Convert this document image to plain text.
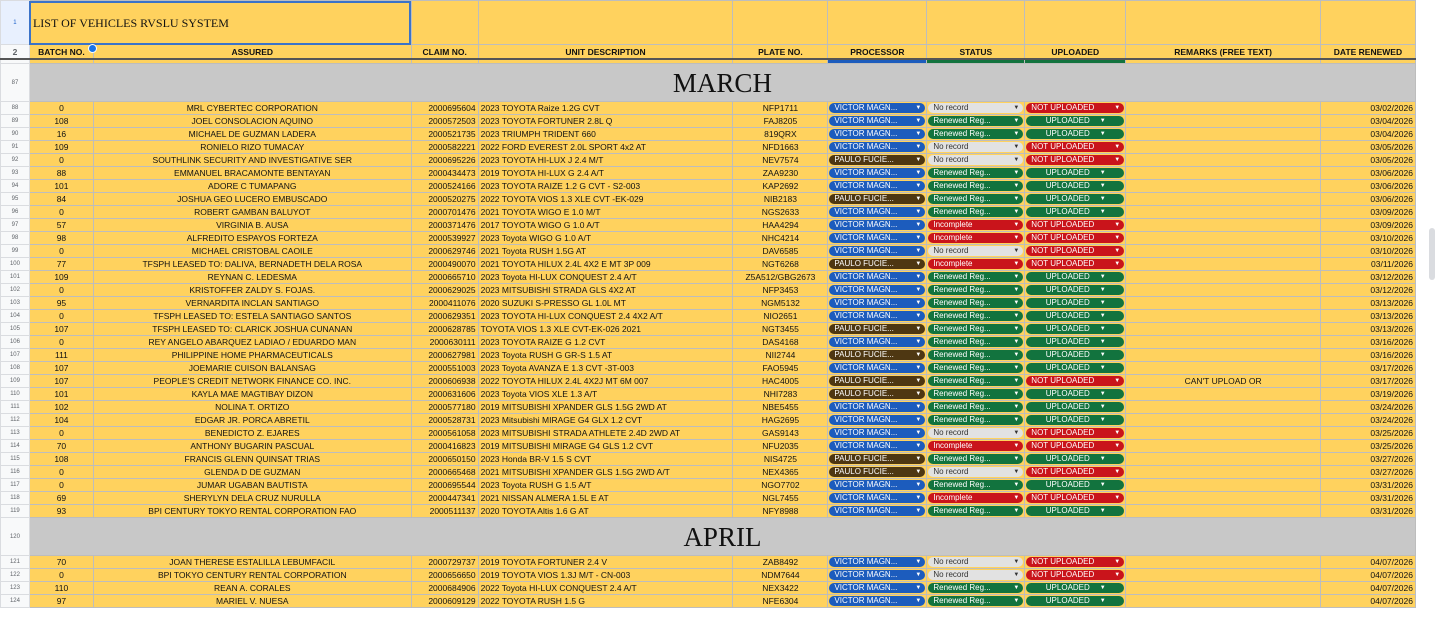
1	LIST OF VEHICLES RVSLU SYSTEM										
2	BATCH NO.	ASSURED	CLAIM NO.	UNIT DESCRIPTION	PLATE NO.	PROCESSOR	STATUS	UPLOADED	REMARKS (FREE TEXT)	DATE RENEWED	

87	MARCH										
88	0	MRL CYBERTEC CORPORATION	2000695604	2023 TOYOTA Raize 1.2G CVT	NFP1711	VICTOR MAGN... ▼	No record ▼	NOT UPLOADED ▼		03/02/2026	
89	108	JOEL CONSOLACION AQUINO	2000572503	2023 TOYOTA FORTUNER 2.8L Q	FAJ8205	VICTOR MAGN... ▼	Renewed Reg... ▼	UPLOADED ▼		03/04/2026	
90	16	MICHAEL DE GUZMAN LADERA	2000521735	2023 TRIUMPH TRIDENT 660	819QRX	VICTOR MAGN... ▼	Renewed Reg... ▼	UPLOADED ▼		03/04/2026	
91	109	RONIELO RIZO TUMACAY	2000582221	2022 FORD EVEREST 2.0L SPORT 4x2 AT	NFD1663	VICTOR MAGN... ▼	No record ▼	NOT UPLOADED ▼		03/05/2026	
92	0	SOUTHLINK SECURITY AND INVESTIGATIVE SER	2000695226	2023 TOYOTA HI-LUX J 2.4 M/T	NEV7574	PAULO FUCIE... ▼	No record ▼	NOT UPLOADED ▼		03/05/2026	
93	88	EMMANUEL BRACAMONTE BENTAYAN	2000434473	2019 TOYOTA HI-LUX G 2.4 A/T	ZAA9230	VICTOR MAGN... ▼	Renewed Reg... ▼	UPLOADED ▼		03/06/2026	
94	101	ADORE C TUMAPANG	2000524166	2023 TOYOTA RAIZE 1.2 G CVT - S2-003	KAP2692	VICTOR MAGN... ▼	Renewed Reg... ▼	UPLOADED ▼		03/06/2026	
95	84	JOSHUA GEO LUCERO EMBUSCADO	2000520275	2022 TOYOTA VIOS 1.3 XLE CVT -EK-029	NIB2183	PAULO FUCIE... ▼	Renewed Reg... ▼	UPLOADED ▼		03/06/2026	
96	0	ROBERT GAMBAN BALUYOT	2000701476	2021 TOYOTA WIGO E 1.0 M/T	NGS2633	VICTOR MAGN... ▼	Renewed Reg... ▼	UPLOADED ▼		03/09/2026	
97	57	VIRGINIA B. AUSA	2000371476	2017 TOYOTA WIGO G 1.0 A/T	HAA4294	VICTOR MAGN... ▼	Incomplete ▼	NOT UPLOADED ▼		03/09/2026	
98	98	ALFREDITO ESPAYOS FORTEZA	2000539927	2023 Toyota WIGO G 1.0 A/T	NHC4214	VICTOR MAGN... ▼	Incomplete ▼	NOT UPLOADED ▼		03/10/2026	
99	0	MICHAEL CRISTOBAL CAOILE	2000629746	2021 Toyota RUSH 1.5G AT	DAV6585	VICTOR MAGN... ▼	No record ▼	NOT UPLOADED ▼		03/10/2026	
100	77	TFSPH LEASED TO: DALIVA, BERNADETH DELA ROSA	2000490070	2021 TOYOTA HILUX 2.4L 4X2 E MT 3P 009	NGT6268	PAULO FUCIE... ▼	Incomplete ▼	NOT UPLOADED ▼		03/11/2026	
101	109	REYNAN C. LEDESMA	2000665710	2023 Toyota HI-LUX CONQUEST 2.4 A/T	Z5A512/GBG2673	VICTOR MAGN... ▼	Renewed Reg... ▼	UPLOADED ▼		03/12/2026	
102	0	KRISTOFFER ZALDY S. FOJAS.	2000629025	2023 MITSUBISHI STRADA GLS 4X2 AT	NFP3453	VICTOR MAGN... ▼	Renewed Reg... ▼	UPLOADED ▼		03/12/2026	
103	95	VERNARDITA INCLAN SANTIAGO	2000411076	2020 SUZUKI S-PRESSO GL 1.0L MT	NGM5132	VICTOR MAGN... ▼	Renewed Reg... ▼	UPLOADED ▼		03/13/2026	
104	0	TFSPH LEASED TO: ESTELA SANTIAGO SANTOS	2000629351	2023 TOYOTA HI-LUX CONQUEST 2.4 4X2 A/T	NIO2651	VICTOR MAGN... ▼	Renewed Reg... ▼	UPLOADED ▼		03/13/2026	
105	107	TFSPH LEASED TO: CLARICK JOSHUA CUNANAN	2000628785	TOYOTA VIOS 1.3 XLE CVT-EK-026 2021	NGT3455	PAULO FUCIE... ▼	Renewed Reg... ▼	UPLOADED ▼		03/13/2026	
106	0	REY ANGELO ABARQUEZ LADIAO / EDUARDO MAN	2000630111	2023 TOYOTA RAIZE G 1.2 CVT	DAS4168	VICTOR MAGN... ▼	Renewed Reg... ▼	UPLOADED ▼		03/16/2026	
107	111	PHILIPPINE HOME PHARMACEUTICALS	2000627981	2023 Toyota RUSH G GR-S 1.5 AT	NII2744	PAULO FUCIE... ▼	Renewed Reg... ▼	UPLOADED ▼		03/16/2026	
108	107	JOEMARIE CUISON BALANSAG	2000551003	2023 Toyota AVANZA E 1.3 CVT -3T-003	FAO5945	VICTOR MAGN... ▼	Renewed Reg... ▼	UPLOADED ▼		03/17/2026	
109	107	PEOPLE'S CREDIT NETWORK FINANCE CO. INC.	2000606938	2022 TOYOTA HILUX 2.4L 4X2J MT 6M 007	HAC4005	PAULO FUCIE... ▼	Renewed Reg... ▼	NOT UPLOADED ▼	CAN'T UPLOAD OR	03/17/2026	
110	101	KAYLA MAE MAGTIBAY DIZON	2000631606	2023 Toyota VIOS XLE 1.3 A/T	NHI7283	PAULO FUCIE... ▼	Renewed Reg... ▼	UPLOADED ▼		03/19/2026	
111	102	NOLINA T. ORTIZO	2000577180	2019 MITSUBISHI XPANDER GLS 1.5G 2WD AT	NBE5455	VICTOR MAGN... ▼	Renewed Reg... ▼	UPLOADED ▼		03/24/2026	
112	104	EDGAR JR. PORCA ABRETIL	2000528731	2023 Mitsubishi MIRAGE G4 GLX 1.2 CVT	HAG2695	VICTOR MAGN... ▼	Renewed Reg... ▼	UPLOADED ▼		03/24/2026	
113	0	BENEDICTO Z. EJARES	2000561058	2023 MITSUBISHI STRADA ATHLETE 2.4D 2WD AT	GAS9143	VICTOR MAGN... ▼	No record ▼	NOT UPLOADED ▼		03/25/2026	
114	70	ANTHONY BUGARIN PASCUAL	2000416823	2019 MITSUBISHI MIRAGE G4 GLS 1.2 CVT	NFU2035	VICTOR MAGN... ▼	Incomplete ▼	NOT UPLOADED ▼		03/25/2026	
115	108	FRANCIS GLENN QUINSAT TRIAS	2000650150	2023 Honda BR-V 1.5 S CVT	NIS4725	PAULO FUCIE... ▼	Renewed Reg... ▼	UPLOADED ▼		03/27/2026	
116	0	GLENDA D DE GUZMAN	2000665468	2021 MITSUBISHI XPANDER GLS 1.5G 2WD A/T	NEX4365	PAULO FUCIE... ▼	No record ▼	NOT UPLOADED ▼		03/27/2026	
117	0	JUMAR UGABAN BAUTISTA	2000695544	2023 Toyota RUSH G 1.5 A/T	NGO7702	VICTOR MAGN... ▼	Renewed Reg... ▼	UPLOADED ▼		03/31/2026	
118	69	SHERYLYN DELA CRUZ NURULLA	2000447341	2021 NISSAN ALMERA 1.5L E AT	NGL7455	VICTOR MAGN... ▼	Incomplete ▼	NOT UPLOADED ▼		03/31/2026	
119	93	BPI CENTURY TOKYO RENTAL CORPORATION FAO	2000511137	2020 TOYOTA Altis 1.6 G AT	NFY8988	VICTOR MAGN... ▼	Renewed Reg... ▼	UPLOADED ▼		03/31/2026	
120	APRIL										
121	70	JOAN THERESE ESTALILLA LEBUMFACIL	2000729737	2019 TOYOTA FORTUNER 2.4 V	ZAB8492	VICTOR MAGN... ▼	No record ▼	NOT UPLOADED ▼		04/07/2026	
122	0	BPI TOKYO CENTURY RENTAL CORPORATION	2000656650	2019 TOYOTA VIOS 1.3J M/T - CN-003	NDM7644	VICTOR MAGN... ▼	No record ▼	NOT UPLOADED ▼		04/07/2026	
123	110	REAN A. CORALES	2000684906	2022 Toyota HI-LUX CONQUEST 2.4 A/T	NEX3422	VICTOR MAGN... ▼	Renewed Reg... ▼	UPLOADED ▼		04/07/2026	
124	97	MARIEL V. NUESA	2000609129	2022 TOYOTA RUSH 1.5 G	NFE6304	VICTOR MAGN... ▼	Renewed Reg... ▼	UPLOADED ▼		04/07/2026	
